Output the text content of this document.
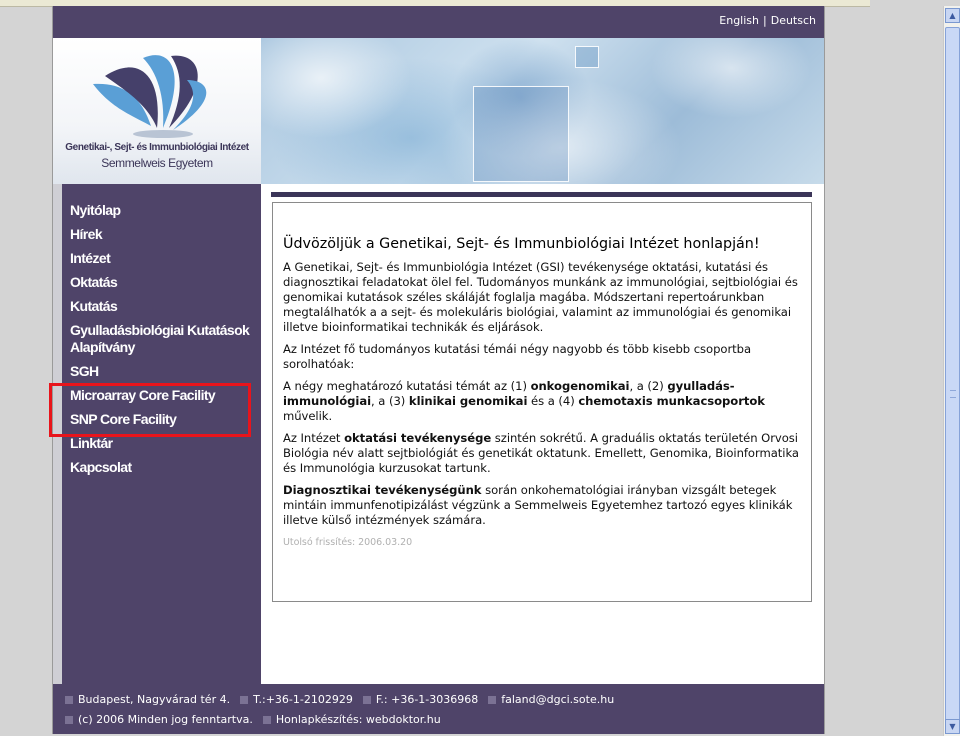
English | Deutsch
Genetikai-, Sejt- és Immunbiológiai Intézet
Semmelweis Egyetem
Nyitólap
Hírek
Intézet
Oktatás
Kutatás
Gyulladásbiológiai Kutatások Alapítvány
SGH
Microarray Core Facility
SNP Core Facility
Linktár
Kapcsolat
Üdvözöljük a Genetikai, Sejt- és Immunbiológiai Intézet honlapján!

A Genetikai, Sejt- és Immunbiológia Intézet (GSI) tevékenysége oktatási, kutatási és diagnosztikai feladatokat ölel fel. Tudományos munkánk az immunológiai, sejtbiológiai és genomikai kutatások széles skáláját foglalja magába. Módszertani repertoárunkban megtalálhatók a a sejt- és molekuláris biológiai, valamint az immunológiai és genomikai illetve bioinformatikai technikák és eljárások.

Az Intézet fő tudományos kutatási témái négy nagyobb és több kisebb csoportba sorolhatóak:

A négy meghatározó kutatási témát az (1) onkogenomikai, a (2) gyulladás-immunológiai, a (3) klinikai genomikai és a (4) chemotaxis munkacsoportok művelik.

Az Intézet oktatási tevékenysége szintén sokrétű. A graduális oktatás területén Orvosi Biológia név alatt sejtbiológiát és genetikát oktatunk. Emellett, Genomika, Bioinformatika és Immunológia kurzusokat tartunk.

Diagnosztikai tevékenységünk során onkohematológiai irányban vizsgált betegek mintáin immunfenotipizálást végzünk a Semmelweis Egyetemhez tartozó egyes klinikák illetve külső intézmények számára.

Utolsó frissítés: 2006.03.20

Budapest, Nagyvárad tér 4. T.:+36-1-2102929 F.: +36-1-3036968 faland@dgci.sote.hu
(c) 2006 Minden jog fenntartva. Honlapkészítés: webdoktor.hu
▲
▼
